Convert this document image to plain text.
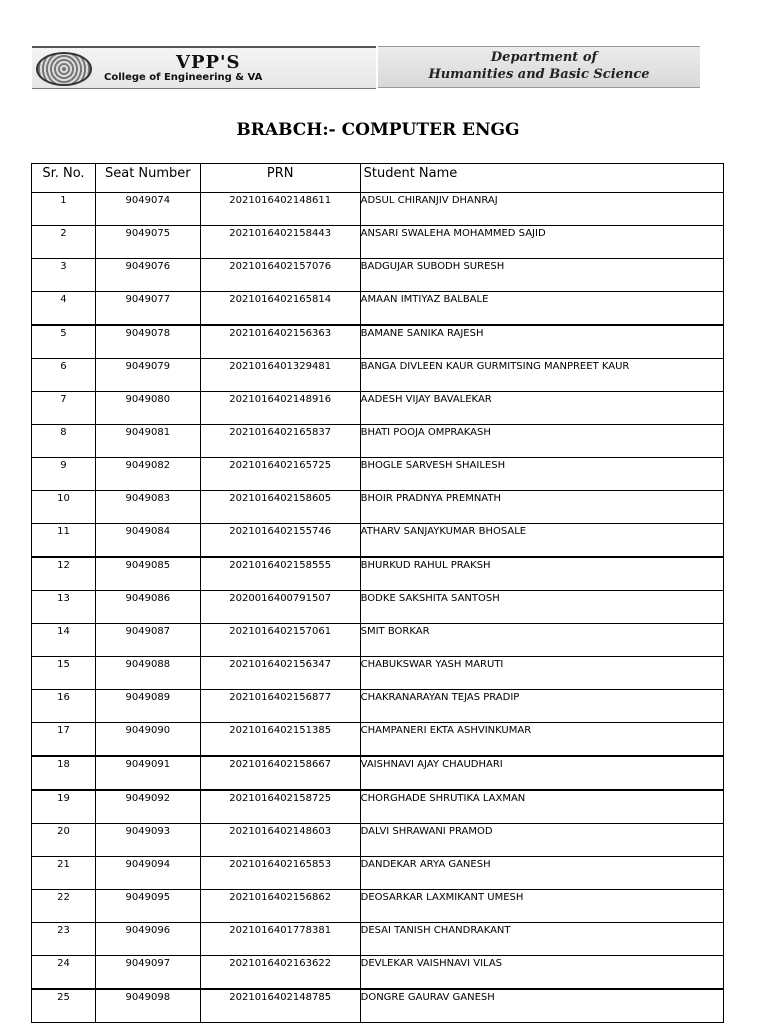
VPP'S
College of Engineering & VA
Department of
Humanities and Basic Science
BRABCH:- COMPUTER ENGG
Sr. No.	Seat Number	PRN	Student Name
1	9049074	2021016402148611	ADSUL CHIRANJIV DHANRAJ
2	9049075	2021016402158443	ANSARI SWALEHA MOHAMMED SAJID
3	9049076	2021016402157076	BADGUJAR SUBODH SURESH
4	9049077	2021016402165814	AMAAN IMTIYAZ BALBALE
5	9049078	2021016402156363	BAMANE SANIKA RAJESH
6	9049079	2021016401329481	BANGA DIVLEEN KAUR GURMITSING MANPREET KAUR
7	9049080	2021016402148916	AADESH VIJAY BAVALEKAR
8	9049081	2021016402165837	BHATI POOJA OMPRAKASH
9	9049082	2021016402165725	BHOGLE SARVESH SHAILESH
10	9049083	2021016402158605	BHOIR PRADNYA PREMNATH
11	9049084	2021016402155746	ATHARV SANJAYKUMAR BHOSALE
12	9049085	2021016402158555	BHURKUD RAHUL PRAKSH
13	9049086	2020016400791507	BODKE SAKSHITA SANTOSH
14	9049087	2021016402157061	SMIT BORKAR
15	9049088	2021016402156347	CHABUKSWAR YASH MARUTI
16	9049089	2021016402156877	CHAKRANARAYAN TEJAS PRADIP
17	9049090	2021016402151385	CHAMPANERI EKTA ASHVINKUMAR
18	9049091	2021016402158667	VAISHNAVI AJAY CHAUDHARI
19	9049092	2021016402158725	CHORGHADE SHRUTIKA LAXMAN
20	9049093	2021016402148603	DALVI SHRAWANI PRAMOD
21	9049094	2021016402165853	DANDEKAR ARYA GANESH
22	9049095	2021016402156862	DEOSARKAR LAXMIKANT UMESH
23	9049096	2021016401778381	DESAI TANISH CHANDRAKANT
24	9049097	2021016402163622	DEVLEKAR VAISHNAVI VILAS
25	9049098	2021016402148785	DONGRE GAURAV GANESH
